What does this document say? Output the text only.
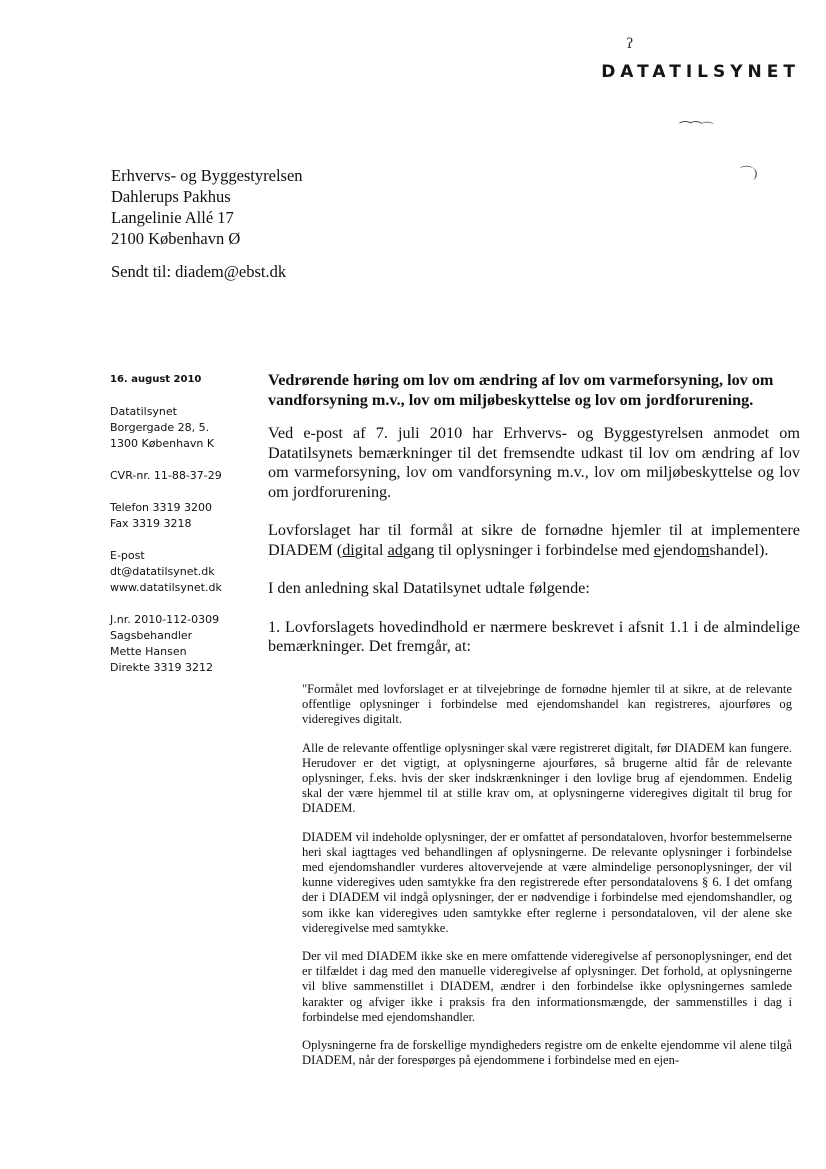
ʔ
DATATILSYNET
⁀⁀⌒
⌒)
Erhvervs- og Byggestyrelsen
Dahlerups Pakhus
Langelinie Allé 17
2100 København Ø
Sendt til: diadem@ebst.dk
16. august 2010
Datatilsynet
Borgergade 28, 5.
1300 København K
CVR-nr. 11-88-37-29
Telefon 3319 3200
Fax 3319 3218
E-post
dt@datatilsynet.dk
www.datatilsynet.dk
J.nr. 2010-112-0309
Sagsbehandler
Mette Hansen
Direkte 3319 3212

Vedrørende høring om lov om ændring af lov om varmeforsyning, lov om vandforsyning m.v., lov om miljøbeskyttelse og lov om jordforurening.

Ved e-post af 7. juli 2010 har Erhvervs- og Byggestyrelsen anmodet om Datatilsynets bemærkninger til det fremsendte udkast til lov om ændring af lov om varmeforsyning, lov om vandforsyning m.v., lov om miljøbeskyttelse og lov om jordforurening.

Lovforslaget har til formål at sikre de fornødne hjemler til at implementere DIADEM (digital adgang til oplysninger i forbindelse med ejendomshandel).

I den anledning skal Datatilsynet udtale følgende:

1. Lovforslagets hovedindhold er nærmere beskrevet i afsnit 1.1 i de almindelige bemærkninger. Det fremgår, at:

"Formålet med lovforslaget er at tilvejebringe de fornødne hjemler til at sikre, at de relevante offentlige oplysninger i forbindelse med ejendomshandel kan registreres, ajourføres og videregives digitalt.

Alle de relevante offentlige oplysninger skal være registreret digitalt, før DIADEM kan fungere. Herudover er det vigtigt, at oplysningerne ajourføres, så brugerne altid får de relevante oplysninger, f.eks. hvis der sker indskrænkninger i den lovlige brug af ejendommen. Endelig skal der være hjemmel til at stille krav om, at oplysningerne videregives digitalt til brug for DIADEM.

DIADEM vil indeholde oplysninger, der er omfattet af persondataloven, hvorfor bestemmelserne heri skal iagttages ved behandlingen af oplysningerne. De relevante oplysninger i forbindelse med ejendomshandler vurderes altovervejende at være almindelige personoplysninger, der vil kunne videregives uden samtykke fra den registrerede efter persondatalovens § 6. I det omfang der i DIADEM vil indgå oplysninger, der er nødvendige i forbindelse med ejendomshandler, og som ikke kan videregives uden samtykke efter reglerne i persondataloven, vil der alene ske videregivelse med samtykke.

Der vil med DIADEM ikke ske en mere omfattende videregivelse af personoplysninger, end det er tilfældet i dag med den manuelle videregivelse af oplysninger. Det forhold, at oplysningerne vil blive sammenstillet i DIADEM, ændrer i den forbindelse ikke oplysningernes samlede karakter og afviger ikke i praksis fra den informationsmængde, der sammenstilles i dag i forbindelse med ejendomshandler.

Oplysningerne fra de forskellige myndigheders registre om de enkelte ejendomme vil alene tilgå DIADEM, når der forespørges på ejendommene i forbindelse med en ejen-
